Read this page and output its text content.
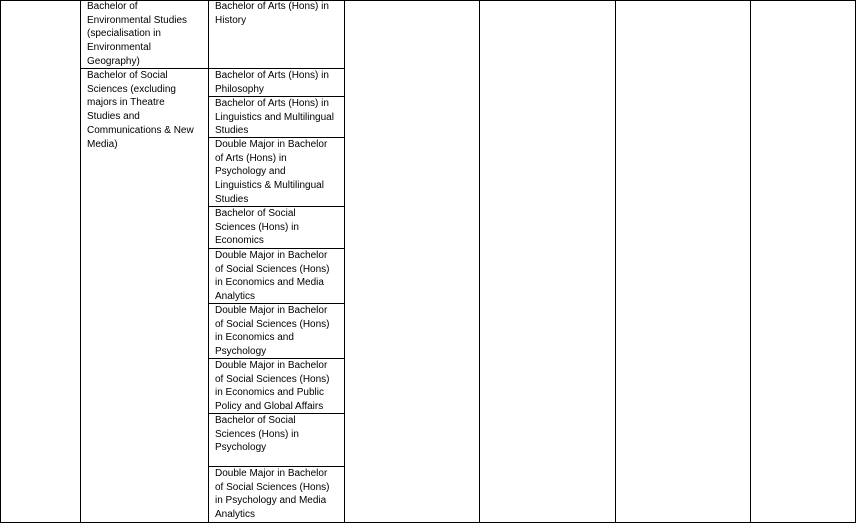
Bachelor of
Environmental Studies
(specialisation in
Environmental
Geography)
Bachelor of Social
Sciences (excluding
majors in Theatre
Studies and
Communications & New
Media)
Bachelor of Arts (Hons) in
History
Bachelor of Arts (Hons) in
Philosophy
Bachelor of Arts (Hons) in
Linguistics and Multilingual
Studies
Double Major in Bachelor
of Arts (Hons) in
Psychology and
Linguistics & Multilingual
Studies
Bachelor of Social
Sciences (Hons) in
Economics
Double Major in Bachelor
of Social Sciences (Hons)
in Economics and Media
Analytics
Double Major in Bachelor
of Social Sciences (Hons)
in Economics and
Psychology
Double Major in Bachelor
of Social Sciences (Hons)
in Economics and Public
Policy and Global Affairs
Bachelor of Social
Sciences (Hons) in
Psychology
Double Major in Bachelor
of Social Sciences (Hons)
in Psychology and Media
Analytics
